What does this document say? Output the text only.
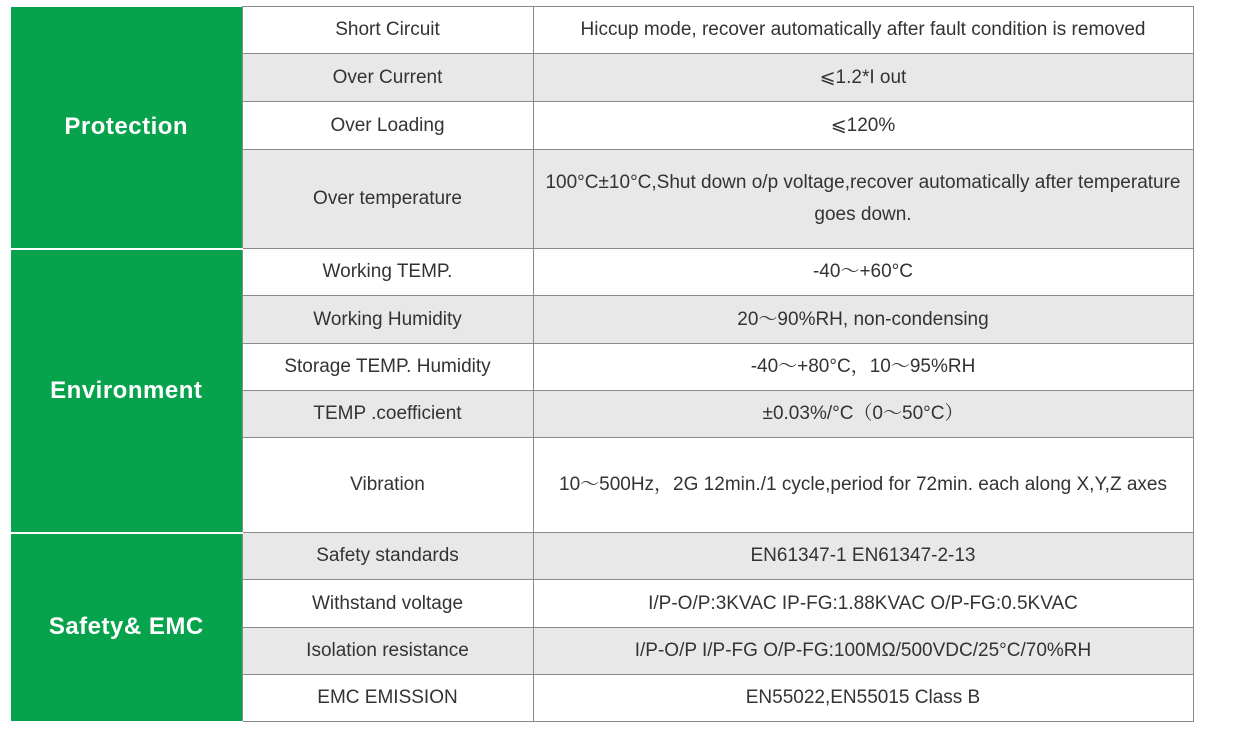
Protection	Short Circuit	Hiccup mode, recover automatically after fault condition is removed
	Over Current	⩽1.2*I out
	Over Loading	⩽120%
	Over temperature	100°C±10°C,Shut down o/p voltage,recover automatically after temperature goes down.
Environment	Working TEMP.	-40～+60°C
	Working Humidity	20～90%RH, non-condensing
	Storage TEMP. Humidity	-40～+80°C，10～95%RH
	TEMP .coefficient	±0.03%/°C（0～50°C）
	Vibration	10～500Hz，2G 12min./1 cycle,period for 72min. each along X,Y,Z axes
Safety& EMC	Safety standards	EN61347-1 EN61347-2-13
	Withstand voltage	I/P-O/P:3KVAC IP-FG:1.88KVAC O/P-FG:0.5KVAC
	Isolation resistance	I/P-O/P I/P-FG O/P-FG:100MΩ/500VDC/25°C/70%RH
	EMC EMISSION	EN55022,EN55015 Class B
